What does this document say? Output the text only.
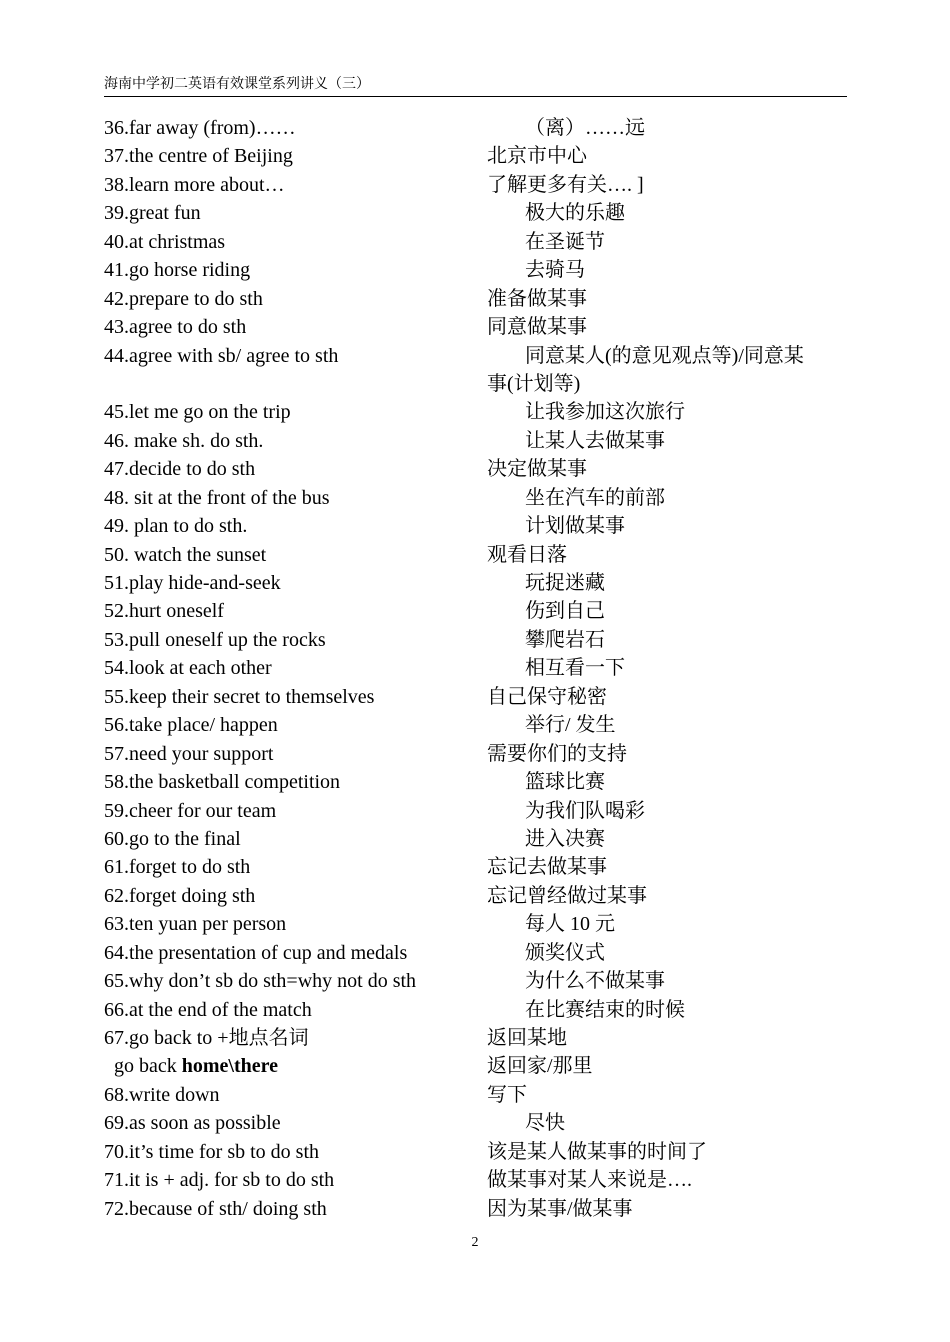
海南中学初二英语有效课堂系列讲义（三）
36.far away (from)……	（离）……远
37.the centre of Beijing	北京市中心
38.learn more about…	了解更多有关…. ]
39.great fun	极大的乐趣
40.at christmas	在圣诞节
41.go horse riding	去骑马
42.prepare to do sth	准备做某事
43.agree to do sth	同意做某事
44.agree with sb/ agree to sth	同意某人(的意见观点等)/同意某
事(计划等)
45.let me go on the trip	让我参加这次旅行
46. make sh. do sth.	让某人去做某事
47.decide to do sth	决定做某事
48. sit at the front of the bus	坐在汽车的前部
49. plan to do sth.	计划做某事
50. watch the sunset	观看日落
51.play hide-and-seek	玩捉迷藏
52.hurt oneself	伤到自己
53.pull oneself up the rocks	攀爬岩石
54.look at each other	相互看一下
55.keep their secret to themselves	自己保守秘密
56.take place/ happen	举行/ 发生
57.need your support	需要你们的支持
58.the basketball competition	篮球比赛
59.cheer for our team	为我们队喝彩
60.go to the final	进入决赛
61.forget to do sth	忘记去做某事
62.forget doing sth	忘记曾经做过某事
63.ten yuan per person	每人 10 元
64.the presentation of cup and medals	颁奖仪式
65.why don’t sb do sth=why not do sth	为什么不做某事
66.at the end of the match	在比赛结束的时候
67.go back to +地点名词	返回某地
go back home\there	返回家/那里
68.write down	写下
69.as soon as possible	尽快
70.it’s time for sb to do sth	该是某人做某事的时间了
71.it is + adj. for sb to do sth	做某事对某人来说是….
72.because of sth/ doing sth	因为某事/做某事
2
